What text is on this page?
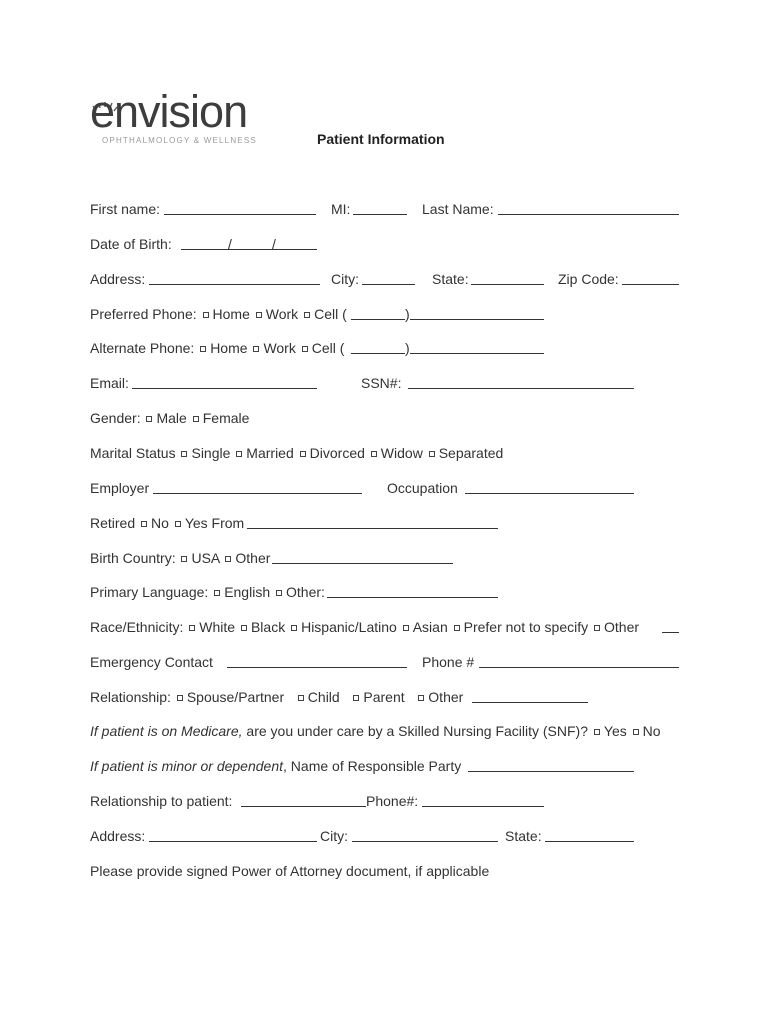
envision
OPHTHALMOLOGY & WELLNESS	Patient Information
First name:	MI:	Last Name:
Date of Birth:	/	/
Address:	City:	State:	Zip Code:
Preferred Phone: Home Work Cell (	)
Alternate Phone: Home Work Cell (	)
Email:	SSN#:
Gender: Male Female
Marital Status Single Married Divorced Widow Separated
Employer	Occupation
Retired No Yes From
Birth Country: USA Other
Primary Language: English Other:
Race/Ethnicity: White Black Hispanic/Latino Asian Prefer not to specify Other
Emergency Contact	Phone #
Relationship: Spouse/Partner Child Parent Other
If patient is on Medicare, are you under care by a Skilled Nursing Facility (SNF)? Yes No
If patient is minor or dependent, Name of Responsible Party
Relationship to patient:	Phone#:
Address:	City:	State:
Please provide signed Power of Attorney document, if applicable
